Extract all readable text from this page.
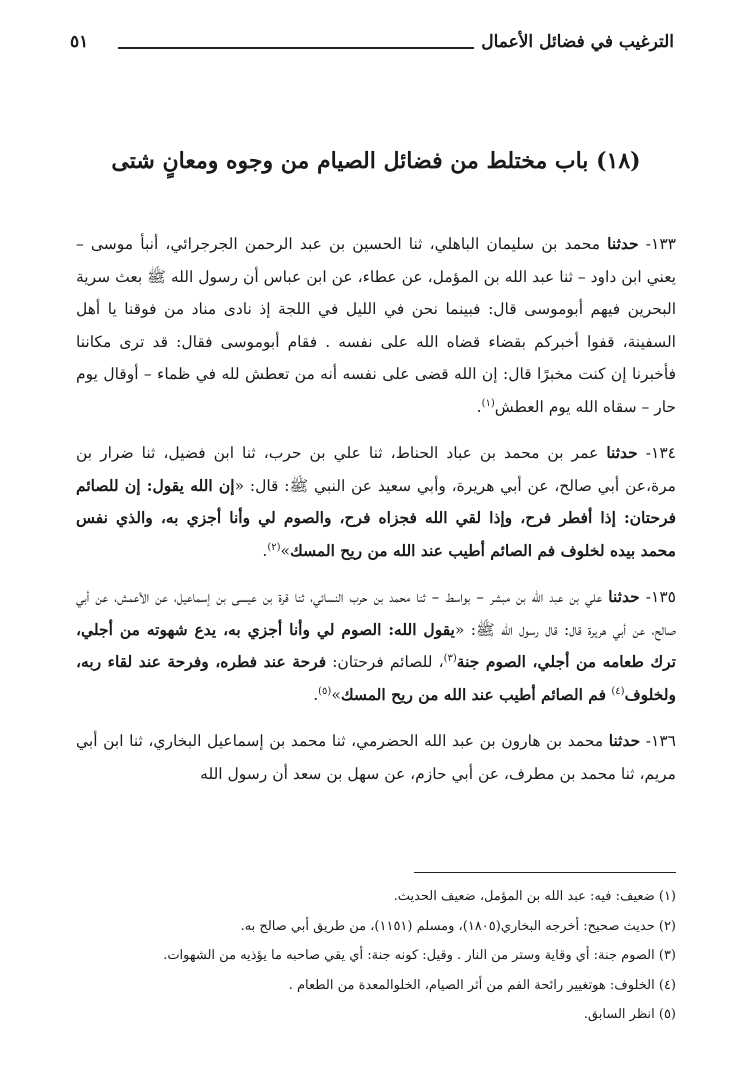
الترغيب في فضائل الأعمال
٥١
(١٨) باب مختلط من فضائل الصيام من وجوه ومعانٍ شتى

١٣٣- حدثنا محمد بن سليمان الباهلي، ثنا الحسين بن عبد الرحمن الجرجرائي، أنبأ موسى – يعني ابن داود – ثنا عبد الله بن المؤمل، عن عطاء، عن ابن عباس أن رسول الله ﷺ بعث سرية البحرين فيهم أبوموسى قال: فبينما نحن في الليل في اللجة إذ نادى مناد من فوقنا يا أهل السفينة، قفوا أخبركم بقضاء قضاه الله على نفسه . فقام أبوموسى فقال: قد ترى مكاننا فأخبرنا إن كنت مخبرًا قال: إن الله قضى على نفسه أنه من تعطش لله في ظماء – أوقال يوم حار – سقاه الله يوم العطش$^{(١)}$.

١٣٤- حدثنا عمر بن محمد بن عباد الحناط، ثنا علي بن حرب، ثنا ابن فضيل، ثنا ضرار بن مرة،عن أبي صالح، عن أبي هريرة، وأبي سعيد عن النبي ﷺ: قال: «إن الله يقول: إن للصائم فرحتان: إذا أفطر فرح، وإذا لقي الله فجزاه فرح، والصوم لي وأنا أجزي به، والذي نفس محمد بيده لخلوف فم الصائم أطيب عند الله من ريح المسك»$^{(٢)}$.

١٣٥- حدثنا علي بن عبد الله بن مبشر – بواسط – ثنا محمد بن حرب النسائي، ثنا قرة بن عيسى بن إسماعيل، عن الأعمش، عن أبي صالح، عن أبي هريرة قال: قال رسول الله ﷺ: «يقول الله: الصوم لي وأنا أجزي به، يدع شهوته من أجلي، ترك طعامه من أجلي، الصوم جنة$^{(٣)}$، للصائم فرحتان: فرحة عند فطره، وفرحة عند لقاء ربه، ولخلوف$^{(٤)}$ فم الصائم أطيب عند الله من ريح المسك»$^{(٥)}$.

١٣٦- حدثنا محمد بن هارون بن عبد الله الحضرمي، ثنا محمد بن إسماعيل البخاري، ثنا ابن أبي مريم، ثنا محمد بن مطرف، عن أبي حازم، عن سهل بن سعد أن رسول الله

(١) ضعيف: فيه: عبد الله بن المؤمل، ضعيف الحديث.
(٢) حديث صحيح: أخرجه البخاري(١٨٠٥)، ومسلم (١١٥١)، من طريق أبي صالح به.
(٣) الصوم جنة: أي وقاية وستر من النار . وقيل: كونه جنة: أي يقي صاحبه ما يؤذيه من الشهوات.
(٤) الخلوف: هوتغيير رائحة الفم من أثر الصيام، الخلوالمعدة من الطعام .
(٥) انظر السابق.
